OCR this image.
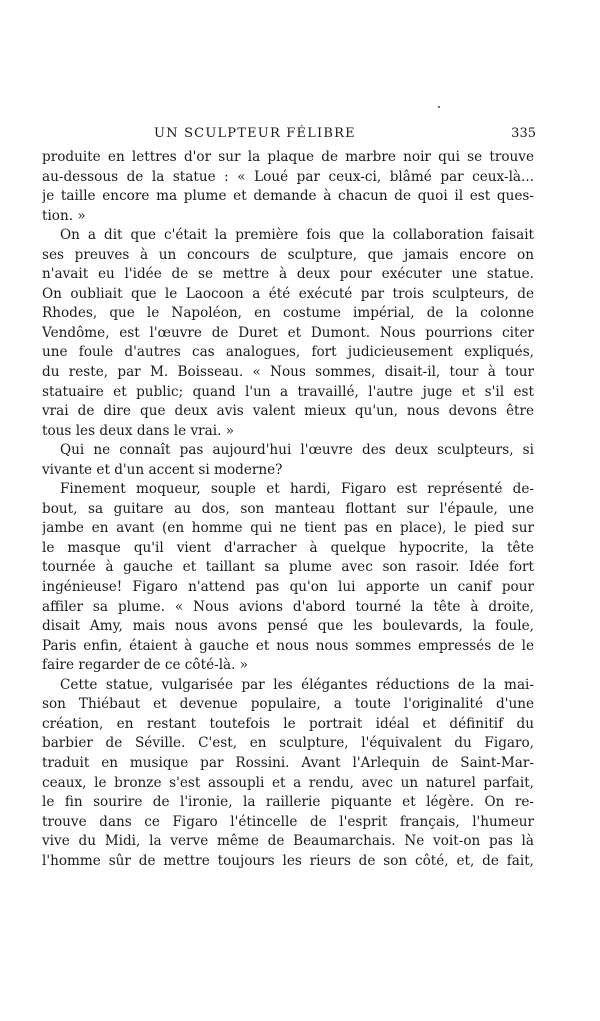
UN SCULPTEUR FÉLIBRE	335
produite en lettres d'or sur la plaque de marbre noir qui se trouve
au-dessous de la statue : « Loué par ceux-ci, blâmé par ceux-là...
je taille encore ma plume et demande à chacun de quoi il est ques-
tion. »
On a dit que c'était la première fois que la collaboration faisait
ses preuves à un concours de sculpture, que jamais encore on
n'avait eu l'idée de se mettre à deux pour exécuter une statue.
On oubliait que le Laocoon a été exécuté par trois sculpteurs, de
Rhodes, que le Napoléon, en costume impérial, de la colonne
Vendôme, est l'œuvre de Duret et Dumont. Nous pourrions citer
une foule d'autres cas analogues, fort judicieusement expliqués,
du reste, par M. Boisseau. « Nous sommes, disait-il, tour à tour
statuaire et public; quand l'un a travaillé, l'autre juge et s'il est
vrai de dire que deux avis valent mieux qu'un, nous devons être
tous les deux dans le vrai. »
Qui ne connaît pas aujourd'hui l'œuvre des deux sculpteurs, si
vivante et d'un accent si moderne?
Finement moqueur, souple et hardi, Figaro est représenté de-
bout, sa guitare au dos, son manteau flottant sur l'épaule, une
jambe en avant (en homme qui ne tient pas en place), le pied sur
le masque qu'il vient d'arracher à quelque hypocrite, la tête
tournée à gauche et taillant sa plume avec son rasoir. Idée fort
ingénieuse! Figaro n'attend pas qu'on lui apporte un canif pour
affiler sa plume. « Nous avions d'abord tourné la tête à droite,
disait Amy, mais nous avons pensé que les boulevards, la foule,
Paris enfin, étaient à gauche et nous nous sommes empressés de le
faire regarder de ce côté-là. »
Cette statue, vulgarisée par les élégantes réductions de la mai-
son Thiébaut et devenue populaire, a toute l'originalité d'une
création, en restant toutefois le portrait idéal et définitif du
barbier de Séville. C'est, en sculpture, l'équivalent du Figaro,
traduit en musique par Rossini. Avant l'Arlequin de Saint-Mar-
ceaux, le bronze s'est assoupli et a rendu, avec un naturel parfait,
le fin sourire de l'ironie, la raillerie piquante et légère. On re-
trouve dans ce Figaro l'étincelle de l'esprit français, l'humeur
vive du Midi, la verve même de Beaumarchais. Ne voit-on pas là
l'homme sûr de mettre toujours les rieurs de son côté, et, de fait,
